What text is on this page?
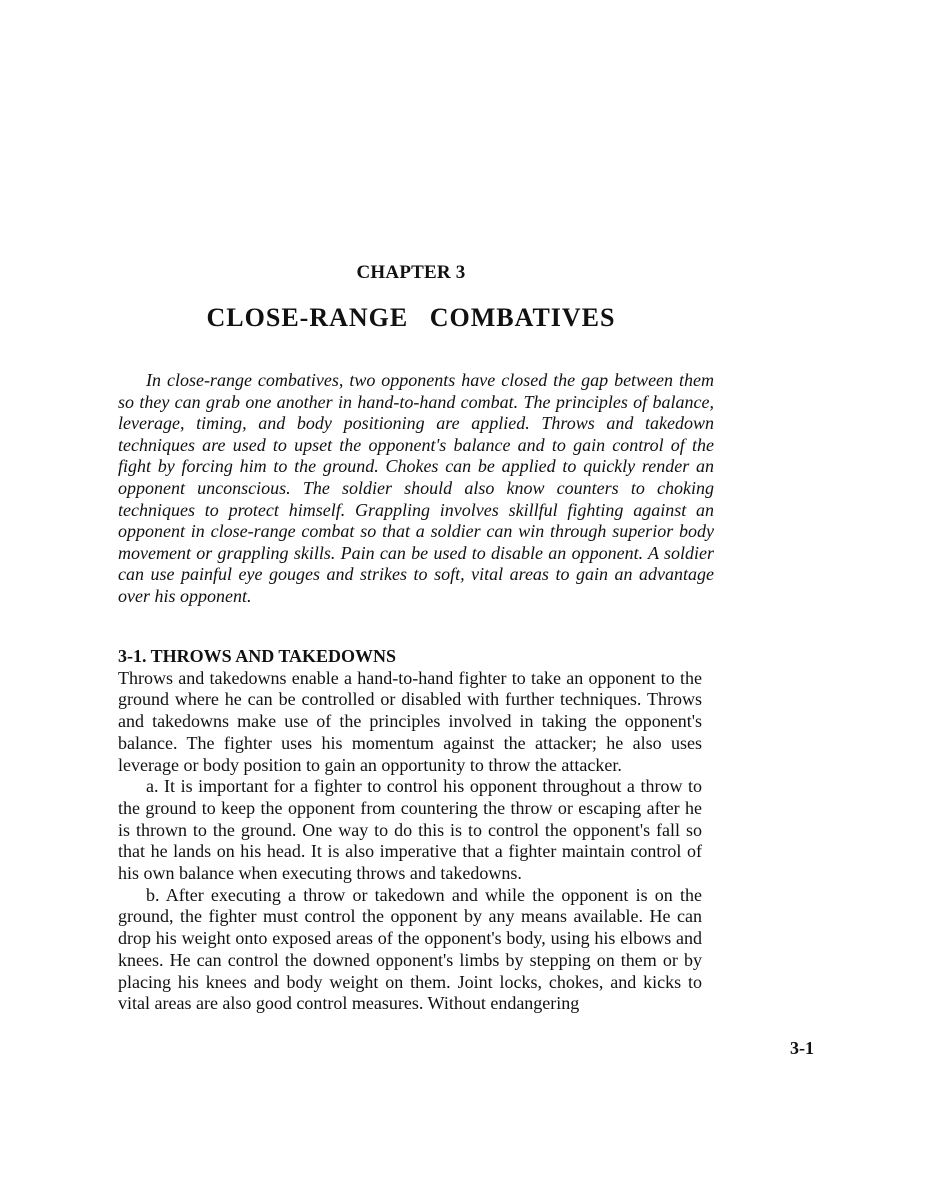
CHAPTER 3
CLOSE-RANGE COMBATIVES

In close-range combatives, two opponents have closed the gap between them so they can grab one another in hand-to-hand combat. The principles of balance, leverage, timing, and body positioning are applied. Throws and takedown techniques are used to upset the opponent's balance and to gain control of the fight by forcing him to the ground. Chokes can be applied to quickly render an opponent unconscious. The soldier should also know counters to choking techniques to protect himself. Grappling involves skillful fighting against an opponent in close-range combat so that a soldier can win through superior body movement or grappling skills. Pain can be used to disable an opponent. A soldier can use painful eye gouges and strikes to soft, vital areas to gain an advantage over his opponent.

3-1. THROWS AND TAKEDOWNS

Throws and takedowns enable a hand-to-hand fighter to take an opponent to the ground where he can be controlled or disabled with further techniques. Throws and takedowns make use of the principles involved in taking the opponent's balance. The fighter uses his momentum against the attacker; he also uses leverage or body position to gain an opportunity to throw the attacker.

a. It is important for a fighter to control his opponent throughout a throw to the ground to keep the opponent from countering the throw or escaping after he is thrown to the ground. One way to do this is to control the opponent's fall so that he lands on his head. It is also imperative that a fighter maintain control of his own balance when executing throws and takedowns.

b. After executing a throw or takedown and while the opponent is on the ground, the fighter must control the opponent by any means available. He can drop his weight onto exposed areas of the opponent's body, using his elbows and knees. He can control the downed opponent's limbs by stepping on them or by placing his knees and body weight on them. Joint locks, chokes, and kicks to vital areas are also good control measures. Without endangering

3-1
